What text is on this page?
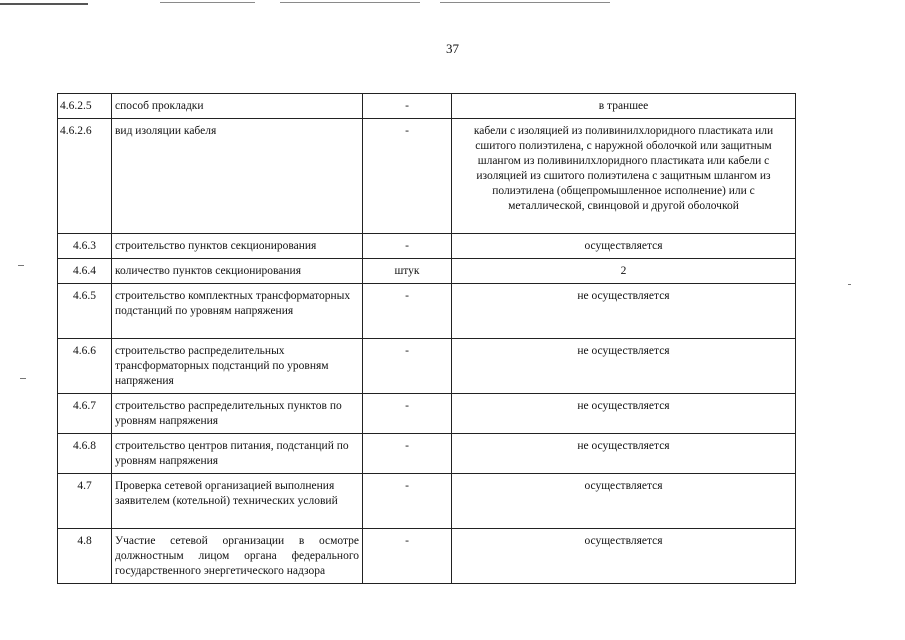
37
4.6.2.5	способ прокладки	-	в траншее
4.6.2.6	вид изоляции кабеля	-	кабели с изоляцией из поливинилхлоридного пластиката или сшитого полиэтилена, с наружной оболочкой или защитным шлангом из поливинилхлоридного пластиката или кабели с изоляцией из сшитого полиэтилена с защитным шлангом из полиэтилена (общепромышленное исполнение) или с металлической, свинцовой и другой оболочкой
4.6.3	строительство пунктов секционирования	-	осуществляется
4.6.4	количество пунктов секционирования	штук	2
4.6.5	строительство комплектных трансформаторных подстанций по уровням напряжения	-	не осуществляется
4.6.6	строительство распределительных трансформаторных подстанций по уровням напряжения	-	не осуществляется
4.6.7	строительство распределительных пунктов по уровням напряжения	-	не осуществляется
4.6.8	строительство центров питания, подстанций по уровням напряжения	-	не осуществляется
4.7	Проверка сетевой организацией выполнения заявителем (котельной) технических условий	-	осуществляется
4.8	Участие сетевой организации в осмотре должностным лицом органа федерального государственного энергетического надзора	-	осуществляется
